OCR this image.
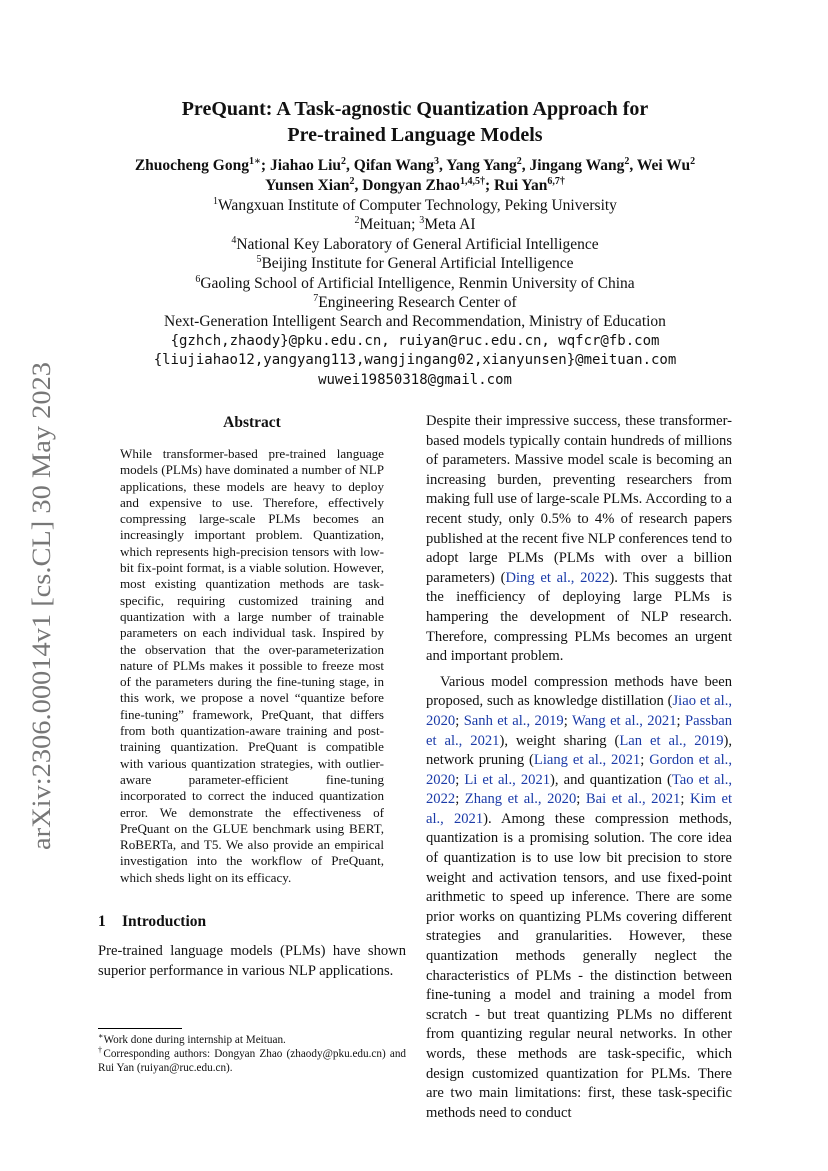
arXiv:2306.00014v1 [cs.CL] 30 May 2023
PreQuant: A Task-agnostic Quantization Approach for
Pre-trained Language Models
Zhuocheng Gong$^{1∗}$; Jiahao Liu$^2$, Qifan Wang$^3$, Yang Yang$^2$, Jingang Wang$^2$, Wei Wu$^2$
Yunsen Xian$^2$, Dongyan Zhao$^{1,4,5\dagger}$; Rui Yan$^{6,7\dagger}$
$^1$Wangxuan Institute of Computer Technology, Peking University
$^2$Meituan; $^3$Meta AI
$^4$National Key Laboratory of General Artificial Intelligence
$^5$Beijing Institute for General Artificial Intelligence
$^6$Gaoling School of Artificial Intelligence, Renmin University of China
$^7$Engineering Research Center of
Next-Generation Intelligent Search and Recommendation, Ministry of Education
{gzhch,zhaody}@pku.edu.cn, ruiyan@ruc.edu.cn, wqfcr@fb.com
{liujiahao12,yangyang113,wangjingang02,xianyunsen}@meituan.com
wuwei19850318@gmail.com
Abstract

While transformer-based pre-trained language models (PLMs) have dominated a number of NLP applications, these models are heavy to deploy and expensive to use. Therefore, effectively compressing large-scale PLMs becomes an increasingly important problem. Quantization, which represents high-precision tensors with low-bit fix-point format, is a viable solution. However, most existing quantization methods are task-specific, requiring customized training and quantization with a large number of trainable parameters on each individual task. Inspired by the observation that the over-parameterization nature of PLMs makes it possible to freeze most of the parameters during the fine-tuning stage, in this work, we propose a novel “quantize before fine-tuning” framework, PreQuant, that differs from both quantization-aware training and post-training quantization. PreQuant is compatible with various quantization strategies, with outlier-aware parameter-efficient fine-tuning incorporated to correct the induced quantization error. We demonstrate the effectiveness of PreQuant on the GLUE benchmark using BERT, RoBERTa, and T5. We also provide an empirical investigation into the workflow of PreQuant, which sheds light on its efficacy.

1 Introduction

Pre-trained language models (PLMs) have shown superior performance in various NLP applications.

∗Work done during internship at Meituan.
†Corresponding authors: Dongyan Zhao (zhaody@pku.edu.cn) and Rui Yan (ruiyan@ruc.edu.cn).

Despite their impressive success, these transformer-based models typically contain hundreds of millions of parameters. Massive model scale is becoming an increasing burden, preventing researchers from making full use of large-scale PLMs. According to a recent study, only 0.5% to 4% of research papers published at the recent five NLP conferences tend to adopt large PLMs (PLMs with over a billion parameters) (Ding et al., 2022). This suggests that the inefficiency of deploying large PLMs is hampering the development of NLP research. Therefore, compressing PLMs becomes an urgent and important problem.

Various model compression methods have been proposed, such as knowledge distillation (Jiao et al., 2020; Sanh et al., 2019; Wang et al., 2021; Passban et al., 2021), weight sharing (Lan et al., 2019), network pruning (Liang et al., 2021; Gordon et al., 2020; Li et al., 2021), and quantization (Tao et al., 2022; Zhang et al., 2020; Bai et al., 2021; Kim et al., 2021). Among these compression methods, quantization is a promising solution. The core idea of quantization is to use low bit precision to store weight and activation tensors, and use fixed-point arithmetic to speed up inference. There are some prior works on quantizing PLMs covering different strategies and granularities. However, these quantization methods generally neglect the characteristics of PLMs - the distinction between fine-tuning a model and training a model from scratch - but treat quantizing PLMs no different from quantizing regular neural networks. In other words, these methods are task-specific, which design customized quantization for PLMs. There are two main limitations: first, these task-specific methods need to conduct
